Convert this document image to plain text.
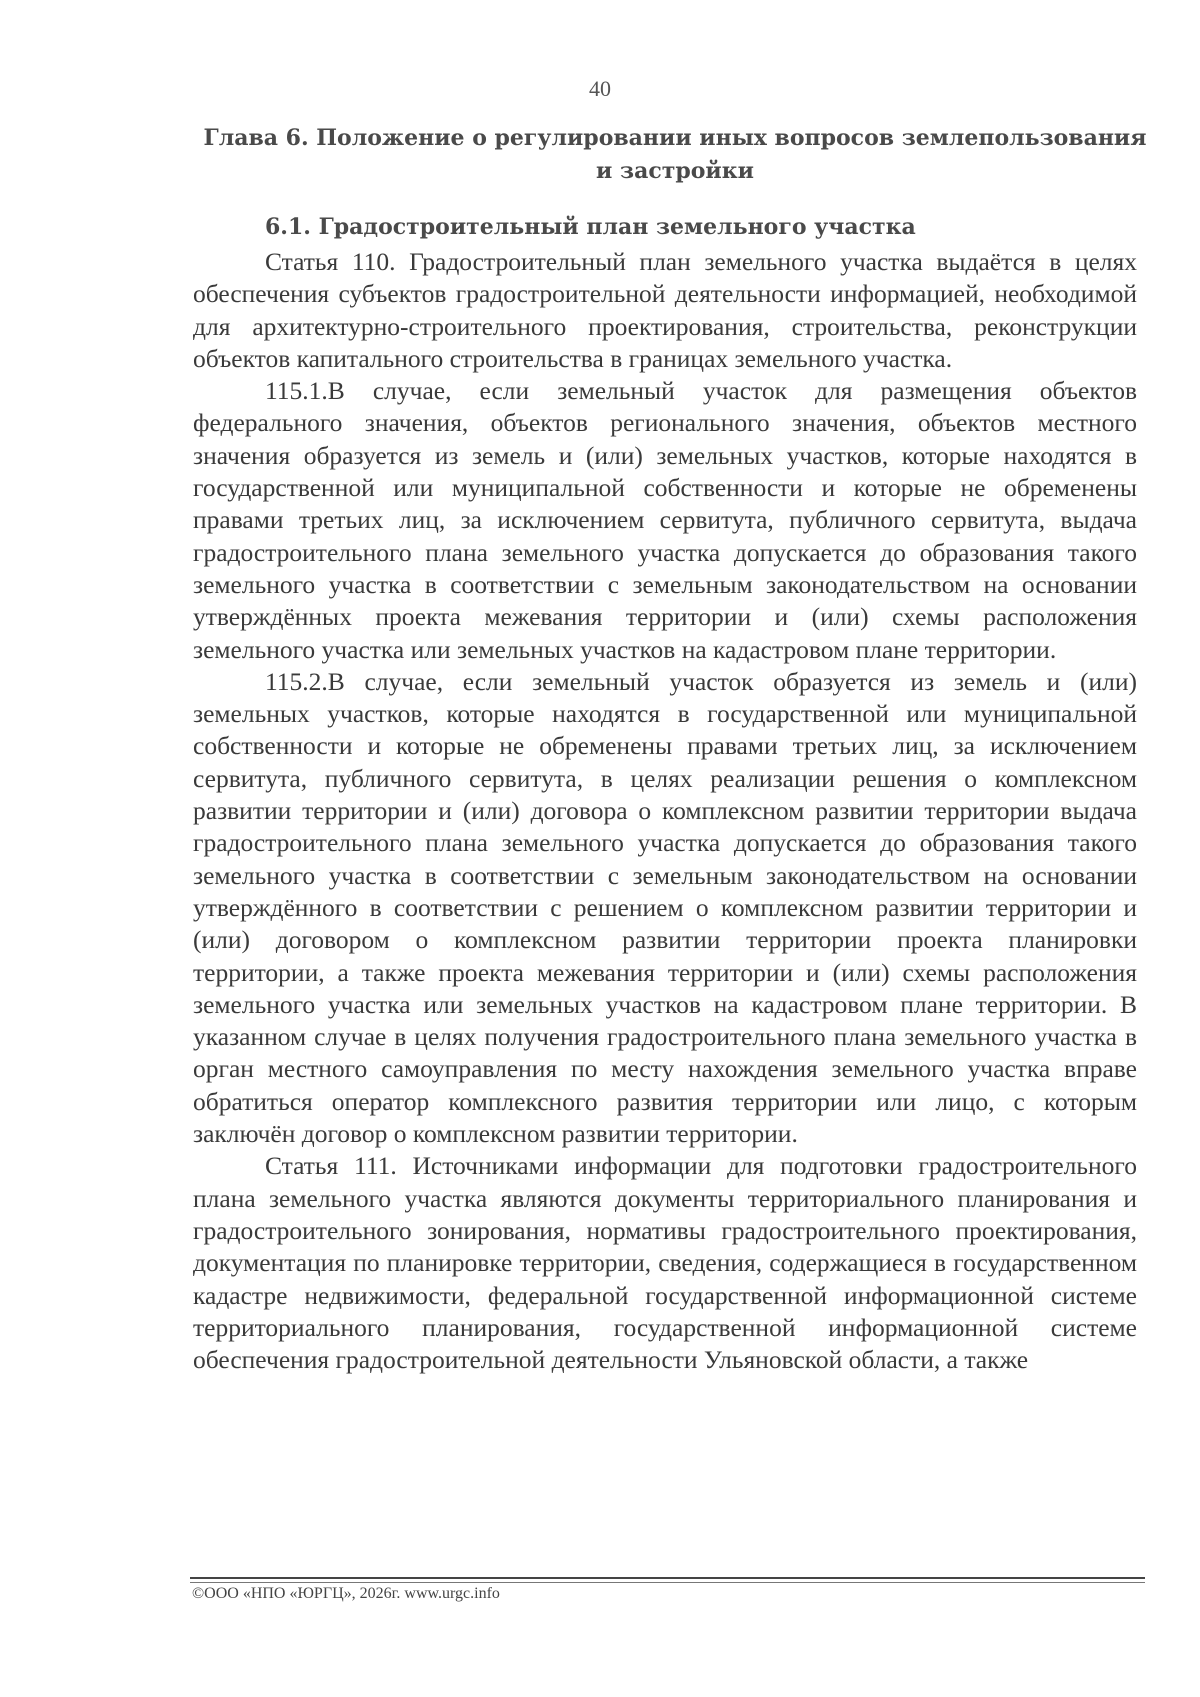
40
Глава 6. Положение о регулировании иных вопросов землепользования
и застройки
6.1. Градостроительный план земельного участка

Статья 110. Градостроительный план земельного участка выдаётся в целях обеспечения субъектов градостроительной деятельности информацией, необходимой для архитектурно-строительного проектирования, строительства, реконструкции объектов капитального строительства в границах земельного участка.

115.1.В случае, если земельный участок для размещения объектов федерального значения, объектов регионального значения, объектов местного значения образуется из земель и (или) земельных участков, которые находятся в государственной или муниципальной собственности и которые не обременены правами третьих лиц, за исключением сервитута, публичного сервитута, выдача градостроительного плана земельного участка допускается до образования такого земельного участка в соответствии с земельным законодательством на основании утверждённых проекта межевания территории и (или) схемы расположения земельного участка или земельных участков на кадастровом плане территории.

115.2.В случае, если земельный участок образуется из земель и (или) земельных участков, которые находятся в государственной или муниципальной собственности и которые не обременены правами третьих лиц, за исключением сервитута, публичного сервитута, в целях реализации решения о комплексном развитии территории и (или) договора о комплексном развитии территории выдача градостроительного плана земельного участка допускается до образования такого земельного участка в соответствии с земельным законодательством на основании утверждённого в соответствии с решением о комплексном развитии территории и (или) договором о комплексном развитии территории проекта планировки территории, а также проекта межевания территории и (или) схемы расположения земельного участка или земельных участков на кадастровом плане территории. В указанном случае в целях получения градостроительного плана земельного участка в орган местного самоуправления по месту нахождения земельного участка вправе обратиться оператор комплексного развития территории или лицо, с которым заключён договор о комплексном развитии территории.

Статья 111. Источниками информации для подготовки градостроительного плана земельного участка являются документы территориального планирования и градостроительного зонирования, нормативы градостроительного проектирования, документация по планировке территории, сведения, содержащиеся в государственном кадастре недвижимости, федеральной государственной информационной системе территориального планирования, государственной информационной системе обеспечения градостроительной деятельности Ульяновской области, а также

©ООО «НПО «ЮРГЦ», 2026г. www.urgc.info
